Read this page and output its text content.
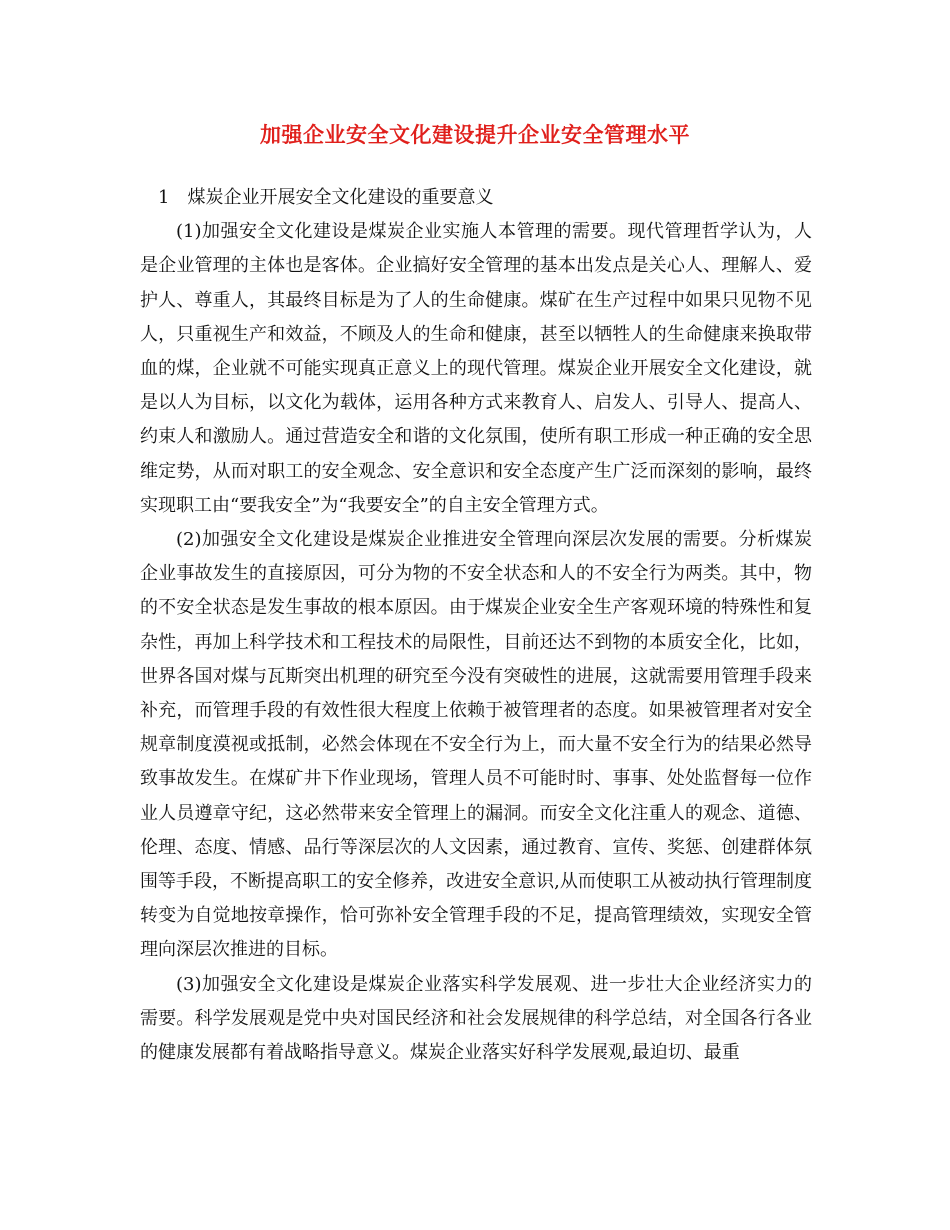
加强企业安全文化建设提升企业安全管理水平

1　煤炭企业开展安全文化建设的重要意义

(1)加强安全文化建设是煤炭企业实施人本管理的需要。现代管理哲学认为，人是企业管理的主体也是客体。企业搞好安全管理的基本出发点是关心人、理解人、爱护人、尊重人，其最终目标是为了人的生命健康。煤矿在生产过程中如果只见物不见人，只重视生产和效益，不顾及人的生命和健康，甚至以牺牲人的生命健康来换取带血的煤，企业就不可能实现真正意义上的现代管理。煤炭企业开展安全文化建设，就是以人为目标，以文化为载体，运用各种方式来教育人、启发人、引导人、提高人、约束人和激励人。通过营造安全和谐的文化氛围，使所有职工形成一种正确的安全思维定势，从而对职工的安全观念、安全意识和安全态度产生广泛而深刻的影响，最终实现职工由“要我安全”为“我要安全”的自主安全管理方式。

(2)加强安全文化建设是煤炭企业推进安全管理向深层次发展的需要。分析煤炭企业事故发生的直接原因，可分为物的不安全状态和人的不安全行为两类。其中，物的不安全状态是发生事故的根本原因。由于煤炭企业安全生产客观环境的特殊性和复杂性，再加上科学技术和工程技术的局限性，目前还达不到物的本质安全化，比如，世界各国对煤与瓦斯突出机理的研究至今没有突破性的进展，这就需要用管理手段来补充，而管理手段的有效性很大程度上依赖于被管理者的态度。如果被管理者对安全规章制度漠视或抵制，必然会体现在不安全行为上，而大量不安全行为的结果必然导致事故发生。在煤矿井下作业现场，管理人员不可能时时、事事、处处监督每一位作业人员遵章守纪，这必然带来安全管理上的漏洞。而安全文化注重人的观念、道德、伦理、态度、情感、品行等深层次的人文因素，通过教育、宣传、奖惩、创建群体氛围等手段，不断提高职工的安全修养，改进安全意识,从而使职工从被动执行管理制度转变为自觉地按章操作，恰可弥补安全管理手段的不足，提高管理绩效，实现安全管理向深层次推进的目标。

(3)加强安全文化建设是煤炭企业落实科学发展观、进一步壮大企业经济实力的需要。科学发展观是党中央对国民经济和社会发展规律的科学总结，对全国各行各业的健康发展都有着战略指导意义。煤炭企业落实好科学发展观,最迫切、最重
